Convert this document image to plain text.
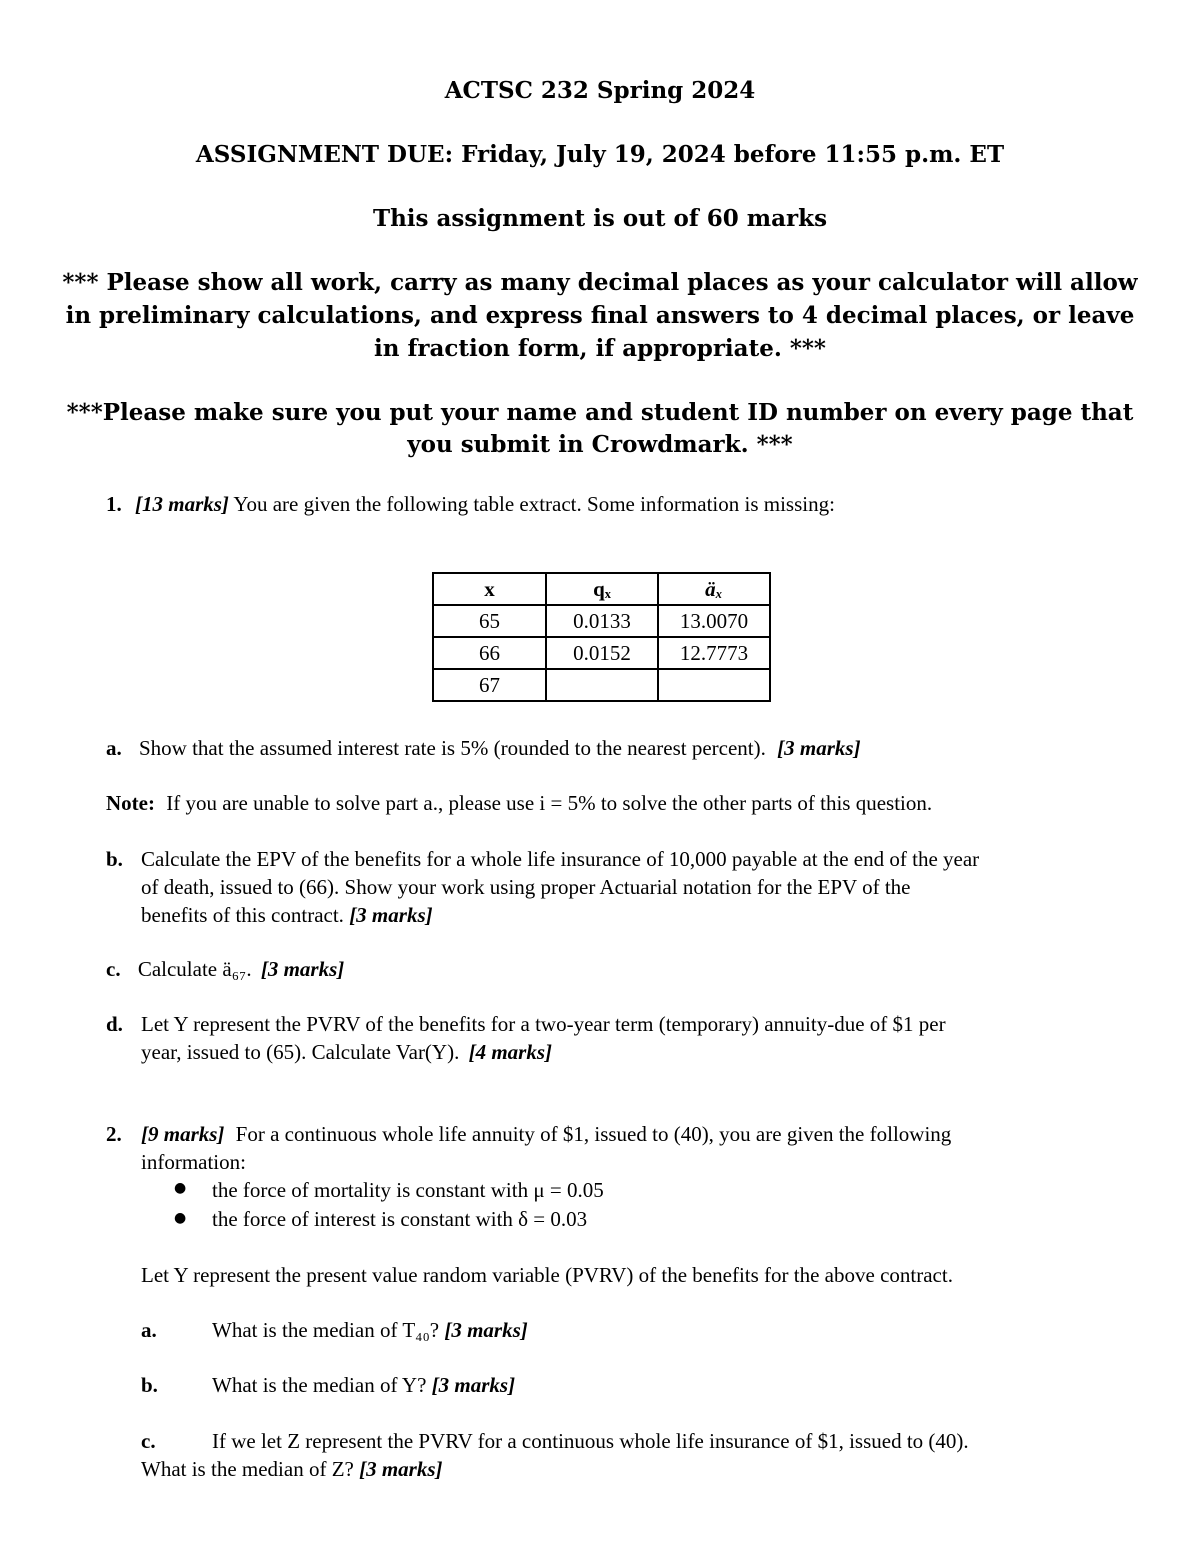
ACTSC 232 Spring 2024
ASSIGNMENT DUE: Friday, July 19, 2024 before 11:55 p.m. ET
This assignment is out of 60 marks
*** Please show all work, carry as many decimal places as your calculator will allow
in preliminary calculations, and express final answers to 4 decimal places, or leave
in fraction form, if appropriate. ***
***Please make sure you put your name and student ID number on every page that
you submit in Crowdmark. ***
1. [13 marks] You are given the following table extract. Some information is missing:
x	qₓ	äₓ
65	0.0133	13.0070
66	0.0152	12.7773
67		
a. Show that the assumed interest rate is 5% (rounded to the nearest percent). [3 marks]
Note: If you are unable to solve part a., please use i = 5% to solve the other parts of this question.
b. Calculate the EPV of the benefits for a whole life insurance of 10,000 payable at the end of the year
of death, issued to (66). Show your work using proper Actuarial notation for the EPV of the
benefits of this contract. [3 marks]
c. Calculate ä₆₇. [3 marks]
d. Let Y represent the PVRV of the benefits for a two-year term (temporary) annuity-due of $1 per
year, issued to (65). Calculate Var(Y). [4 marks]
2. [9 marks] For a continuous whole life annuity of $1, issued to (40), you are given the following
information:
● the force of mortality is constant with μ = 0.05
● the force of interest is constant with δ = 0.03
Let Y represent the present value random variable (PVRV) of the benefits for the above contract.
a.	What is the median of T₄₀? [3 marks]
b.	What is the median of Y? [3 marks]
c.	If we let Z represent the PVRV for a continuous whole life insurance of $1, issued to (40).
What is the median of Z? [3 marks]
